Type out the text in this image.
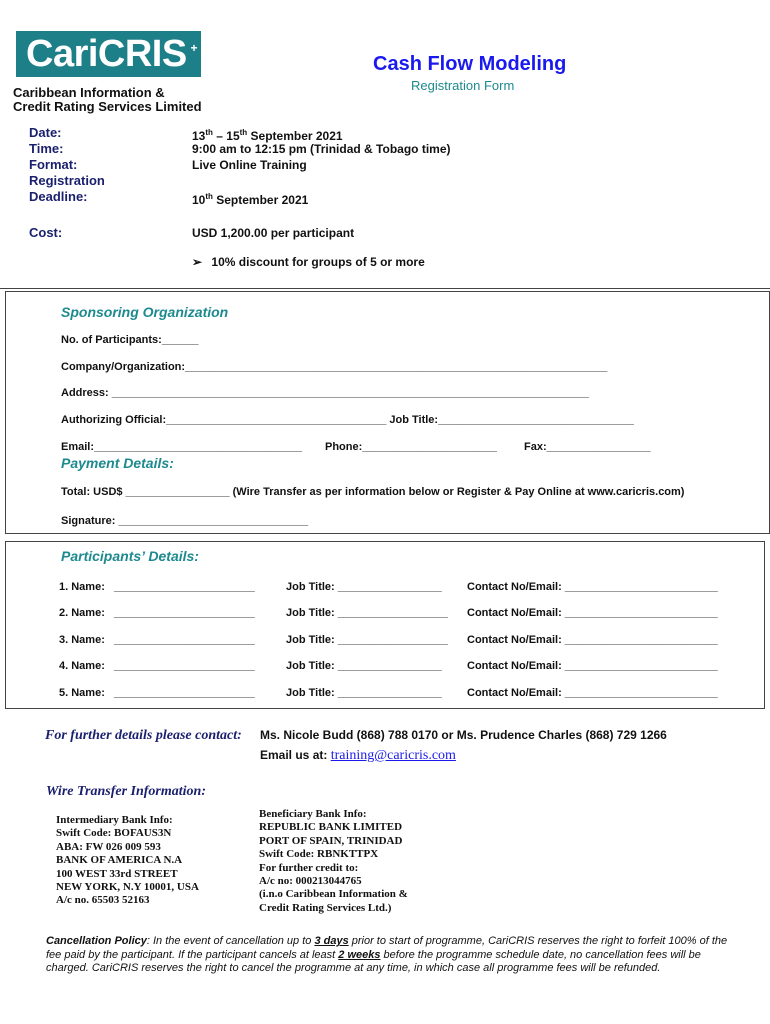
CariCRIS +
Caribbean Information &
Credit Rating Services Limited
Cash Flow Modeling
Registration Form
Date:	13th – 15th September 2021
Time:	9:00 am to 12:15 pm (Trinidad & Tobago time)
Format:	Live Online Training
Registration
Deadline:	10th September 2021
Cost:	USD 1,200.00 per participant
➢ 10% discount for groups of 5 or more
Sponsoring Organization
No. of Participants:______
Company/Organization:_____________________________________________________________________
Address: ______________________________________________________________________________
Authorizing Official:____________________________________ Job Title:________________________________
Email:__________________________________ Phone:______________________ Fax:_________________
Payment Details:
Total: USD$ _________________ (Wire Transfer as per information below or Register & Pay Online at www.caricris.com)
Signature: _______________________________
Participants’ Details:
1. Name:   _______________________	Job Title: _________________ Contact No/Email: _________________________
2. Name:   _______________________	Job Title: __________________ Contact No/Email: _________________________
3. Name:   _______________________	Job Title: __________________ Contact No/Email: _________________________
4. Name:   _______________________	Job Title: _________________ Contact No/Email: _________________________
5. Name:   _______________________	Job Title: _________________ Contact No/Email: _________________________
For further details please contact: Ms. Nicole Budd (868) 788 0170 or Ms. Prudence Charles (868) 729 1266
Email us at: training@caricris.com
Wire Transfer Information:
Intermediary Bank Info:
Swift Code: BOFAUS3N
ABA: FW 026 009 593
BANK OF AMERICA N.A
100 WEST 33rd STREET
NEW YORK, N.Y 10001, USA
A/c no. 65503 52163
Beneficiary Bank Info:
REPUBLIC BANK LIMITED
PORT OF SPAIN, TRINIDAD
Swift Code: RBNKTTPX
For further credit to:
A/c no: 000213044765
(i.n.o Caribbean Information &
Credit Rating Services Ltd.)
Cancellation Policy: In the event of cancellation up to 3 days prior to start of programme, CariCRIS reserves the right to forfeit 100% of the fee paid by the participant. If the participant cancels at least 2 weeks before the programme schedule date, no cancellation fees will be charged. CariCRIS reserves the right to cancel the programme at any time, in which case all programme fees will be refunded.
